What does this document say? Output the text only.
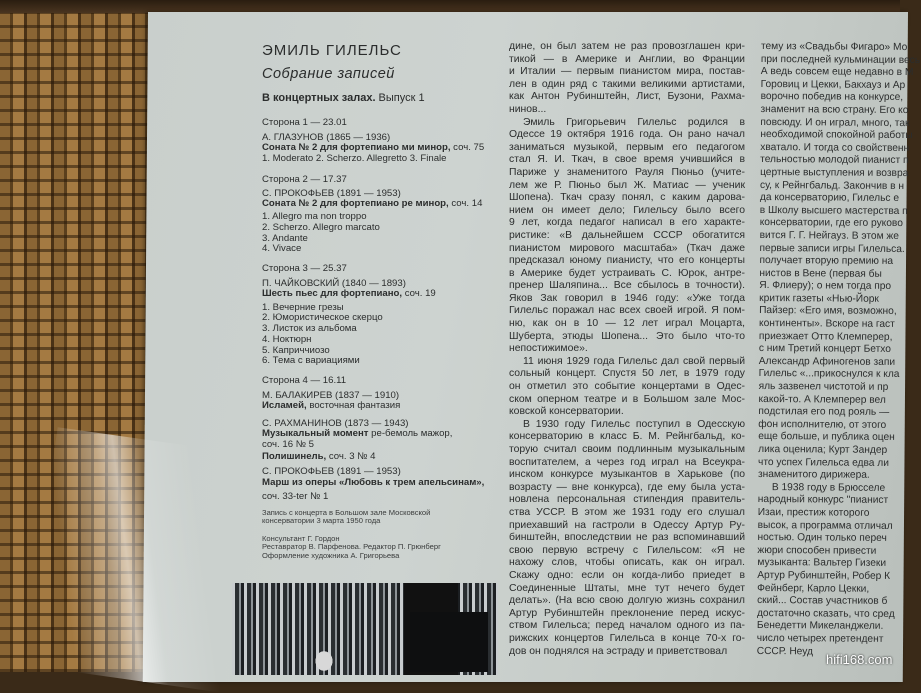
ЭМИЛЬ ГИЛЕЛЬС
Собрание записей
В концертных залах. Выпуск 1
Сторона 1 — 23.01
А. ГЛАЗУНОВ (1865 — 1936)
Соната № 2 для фортепиано ми минор, соч. 75
1. Moderato 2. Scherzo. Allegretto 3. Finale
Сторона 2 — 17.37
С. ПРОКОФЬЕВ (1891 — 1953)
Соната № 2 для фортепиано ре минор, соч. 14
1. Allegro ma non troppo
2. Scherzo. Allegro marcato
3. Andante
4. Vivace
Сторона 3 — 25.37
П. ЧАЙКОВСКИЙ (1840 — 1893)
Шесть пьес для фортепиано, соч. 19
1. Вечерние грезы
2. Юмористическое скерцо
3. Листок из альбома
4. Ноктюрн
5. Каприччиозо
6. Тема с вариациями
Сторона 4 — 16.11
М. БАЛАКИРЕВ (1837 — 1910)
Исламей, восточная фантазия
С. РАХМАНИНОВ (1873 — 1943)
Музыкальный момент ре-бемоль мажор,
соч. 16 № 5
Полишинель, соч. 3 № 4
С. ПРОКОФЬЕВ (1891 — 1953)
Марш из оперы «Любовь к трем апельсинам»,
соч. 33-ter № 1
Запись с концерта в Большом зале Московской
консерватории 3 марта 1950 года
Консультант Г. Гордон
Реставратор В. Парфенова. Редактор П. Грюнберг
Оформление художника А. Григорьева
дине, он был затем не раз провозглашен кри-
тикой — в Америке и Англии, во Франции
и Италии — первым пианистом мира, постав-
лен в один ряд с такими великими артистами,
как Антон Рубинштейн, Лист, Бузони, Рахма-
нинов...
Эмиль Григорьевич Гилельс родился в
Одессе 19 октября 1916 года. Он рано начал
заниматься музыкой, первым его педагогом
стал Я. И. Ткач, в свое время учившийся в
Париже у знаменитого Рауля Пюньо (учите-
лем же Р. Пюньо был Ж. Матиас — ученик
Шопена). Ткач сразу понял, с каким дарова-
нием он имеет дело; Гилельсу было всего
9 лет, когда педагог написал в его характе-
ристике: «В дальнейшем СССР обогатится
пианистом мирового масштаба» (Ткач даже
предсказал юному пианисту, что его концерты
в Америке будет устраивать С. Юрок, антре-
пренер Шаляпина... Все сбылось в точности).
Яков Зак говорил в 1946 году: «Уже тогда
Гилельс поражал нас всех своей игрой. Я пом-
ню, как он в 10 — 12 лет играл Моцарта,
Шуберта, этюды Шопена... Это было что-то
непостижимое».
11 июня 1929 года Гилельс дал свой первый
сольный концерт. Спустя 50 лет, в 1979 году
он отметил это событие концертами в Одес-
ском оперном театре и в Большом зале Мос-
ковской консерватории.
В 1930 году Гилельс поступил в Одесскую
консерваторию в класс Б. М. Рейнгбальд, ко-
торую считал своим подлинным музыкальным
воспитателем, а через год играл на Всеукра-
инском конкурсе музыкантов в Харькове (по
возрасту — вне конкурса), где ему была уста-
новлена персональная стипендия правитель-
ства УССР. В этом же 1931 году его слушал
приехавший на гастроли в Одессу Артур Ру-
бинштейн, впоследствии не раз вспоминавший
свою первую встречу с Гилельсом: «Я не
нахожу слов, чтобы описать, как он играл.
Скажу одно: если он когда-либо приедет в
Соединенные Штаты, мне тут нечего будет
делать». (На всю свою долгую жизнь сохранил
Артур Рубинштейн преклонение перед искус-
ством Гилельса; перед началом одного из па-
рижских концертов Гилельса в конце 70-х го-
дов он поднялся на эстраду и приветствовал
тему из «Свадьбы Фигаро» Мо
при последней кульминации весь
А ведь совсем еще недавно в М
Горовиц и Цекки, Бакхауз и Ар
ворочно победив на конкурсе,
знаменит на всю страну. Его ко
повсюду. И он играл, много, так
необходимой спокойной работы
хватало. И тогда со свойственн
тельностью молодой пианист п
цертные выступления и возвра
су, к Рейнгбальд. Закончив в н
да консерваторию, Гилельс е
в Школу высшего мастерства п
консерватории, где его руково
вится Г. Г. Нейгауз. В этом же
первые записи игры Гилельса.
получает вторую премию на
нистов в Вене (первая бы
Я. Флиеру); о нем тогда про
критик газеты «Нью-Йорк
Пайзер: «Его имя, возможно,
континенты». Вскоре на гаст
приезжает Отто Клемперер,
с ним Третий концерт Бетхо
Александр Афиногенов запи
Гилельс «...прикоснулся к кла
яль зазвенел чистотой и пр
какой-то. А Клемперер вел
подстилая его под рояль —
фон исполнителю, от этого
еще больше, и публика оцен
лика оценила; Курт Зандер
что успех Гилельса едва ли
знаменитого дирижера.
В 1938 году в Брюсселе
народный конкурс "пианист
Изаи, престиж которого
высок, а программа отличал
ностью. Один только переч
жюри способен привести
музыканта: Вальтер Гизеки
Артур Рубинштейн, Робер К
Фейнберг, Карло Цекки,
ский... Состав участников б
достаточно сказать, что сред
Бенедетти Микеланджели.
число четырех претендент
СССР. Неуд
hifi168.com
